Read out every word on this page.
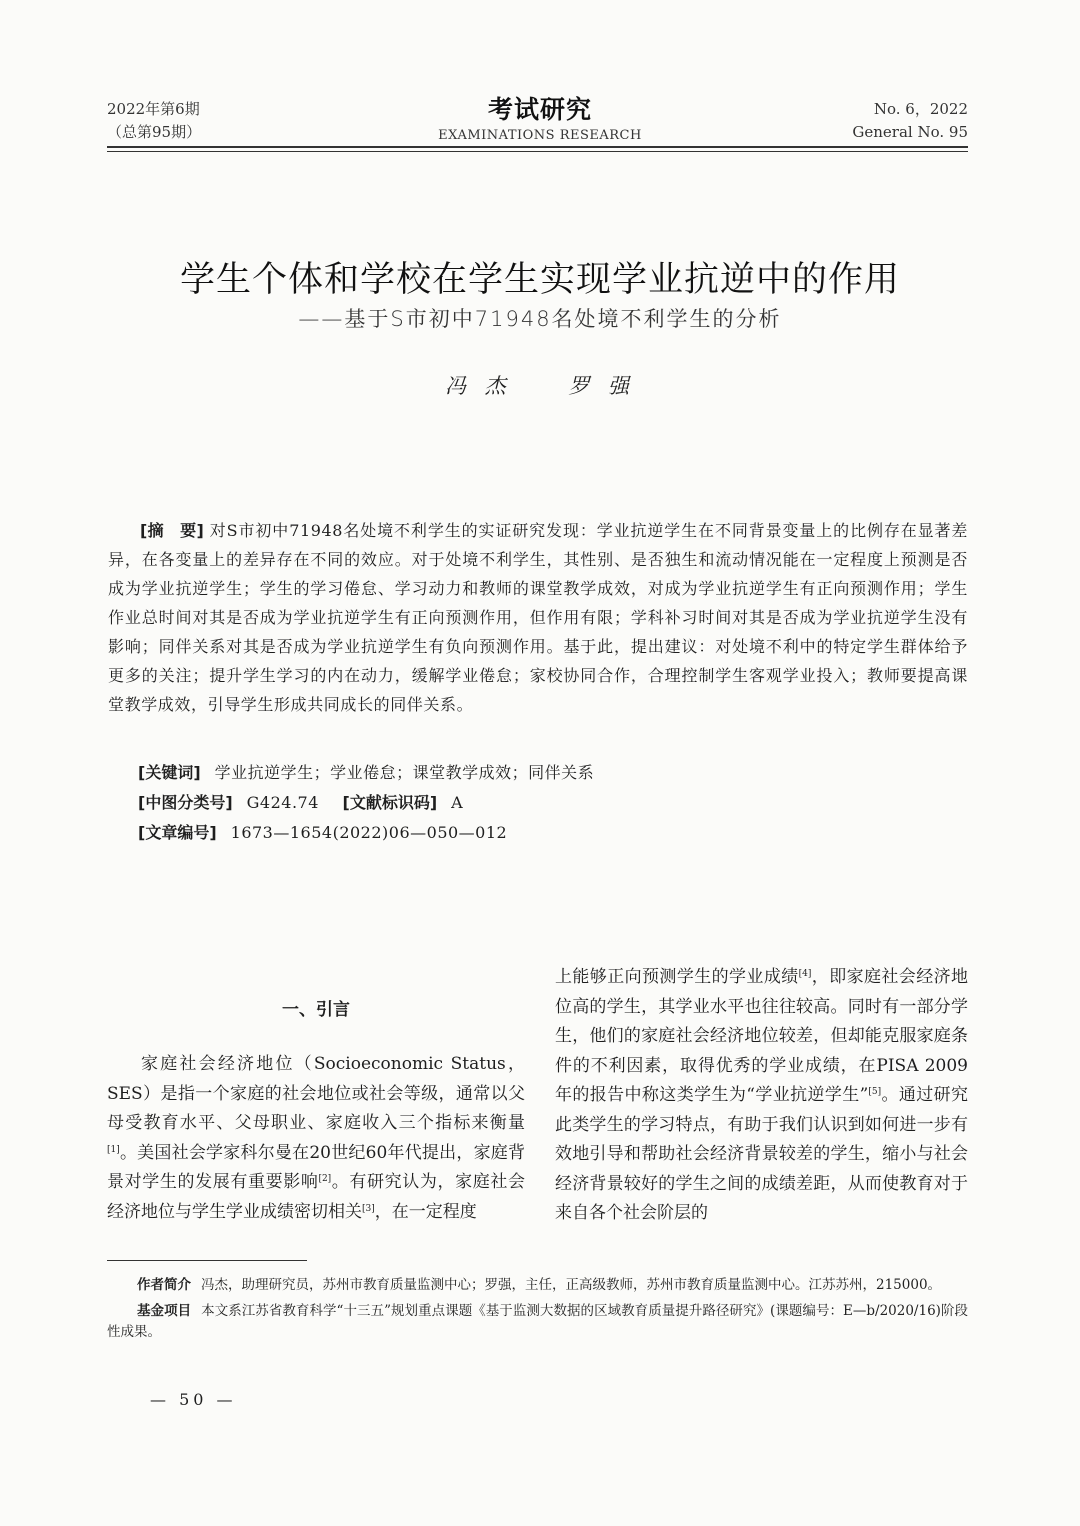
2022年第6期
（总第95期）
考试研究
EXAMINATIONS RESEARCH
No. 6，2022
General No. 95
学生个体和学校在学生实现学业抗逆中的作用
——基于S市初中71948名处境不利学生的分析
冯 杰	罗 强
[摘　要] 对S市初中71948名处境不利学生的实证研究发现：学业抗逆学生在不同背景变量上的比例存在显著差异，在各变量上的差异存在不同的效应。对于处境不利学生，其性别、是否独生和流动情况能在一定程度上预测是否成为学业抗逆学生；学生的学习倦怠、学习动力和教师的课堂教学成效，对成为学业抗逆学生有正向预测作用；学生作业总时间对其是否成为学业抗逆学生有正向预测作用，但作用有限；学科补习时间对其是否成为学业抗逆学生没有影响；同伴关系对其是否成为学业抗逆学生有负向预测作用。基于此，提出建议：对处境不利中的特定学生群体给予更多的关注；提升学生学习的内在动力，缓解学业倦怠；家校协同合作，合理控制学生客观学业投入；教师要提高课堂教学成效，引导学生形成共同成长的同伴关系。
[关键词] 学业抗逆学生；学业倦怠；课堂教学成效；同伴关系
[中图分类号] G424.74 [文献标识码] A
[文章编号] 1673—1654(2022)06—050—012
一、引言
家庭社会经济地位（Socioeconomic Status，SES）是指一个家庭的社会地位或社会等级，通常以父母受教育水平、父母职业、家庭收入三个指标来衡量[1]。美国社会学家科尔曼在20世纪60年代提出，家庭背景对学生的发展有重要影响[2]。有研究认为，家庭社会经济地位与学生学业成绩密切相关[3]，在一定程度
上能够正向预测学生的学业成绩[4]，即家庭社会经济地位高的学生，其学业水平也往往较高。同时有一部分学生，他们的家庭社会经济地位较差，但却能克服家庭条件的不利因素，取得优秀的学业成绩，在PISA 2009年的报告中称这类学生为“学业抗逆学生”[5]。通过研究此类学生的学习特点，有助于我们认识到如何进一步有效地引导和帮助社会经济背景较差的学生，缩小与社会经济背景较好的学生之间的成绩差距，从而使教育对于来自各个社会阶层的

作者简介 冯杰，助理研究员，苏州市教育质量监测中心；罗强，主任，正高级教师，苏州市教育质量监测中心。江苏苏州，215000。

基金项目 本文系江苏省教育科学“十三五”规划重点课题《基于监测大数据的区域教育质量提升路径研究》(课题编号：E—b/2020/16)阶段性成果。

— 50 —
